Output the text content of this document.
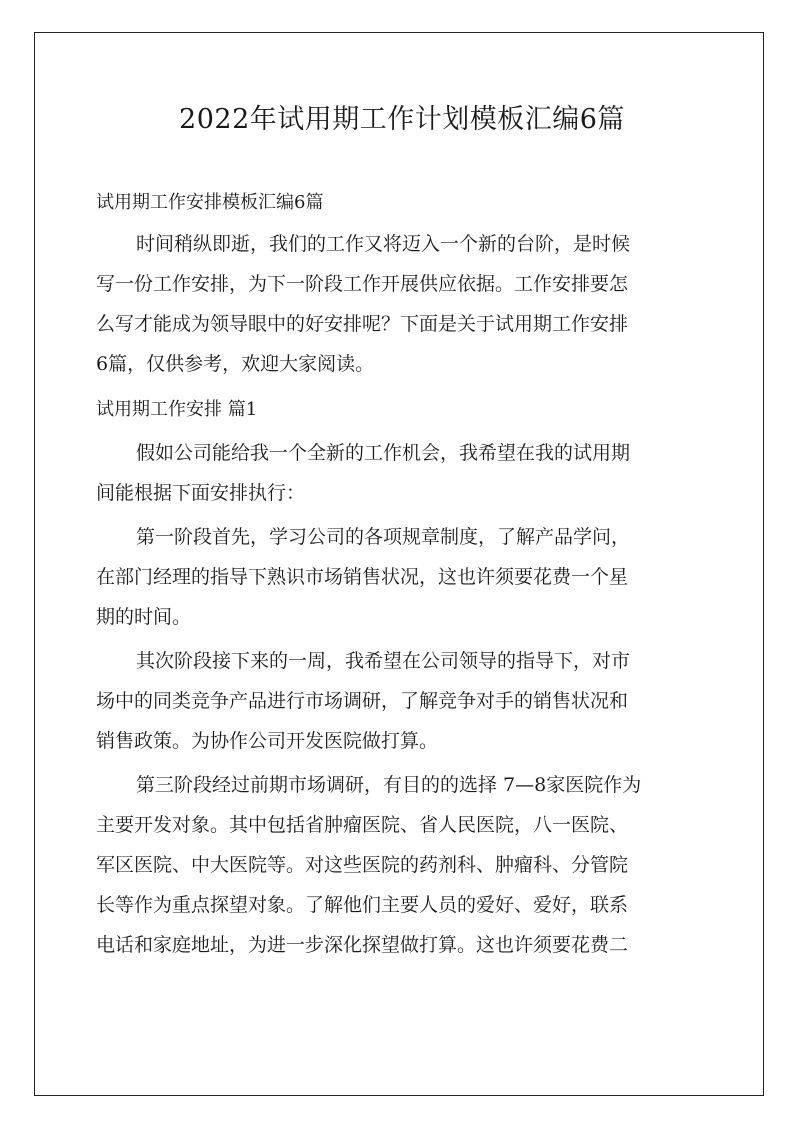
2022年试用期工作计划模板汇编6篇
试用期工作安排模板汇编6篇
时间稍纵即逝，我们的工作又将迈入一个新的台阶，是时候
写一份工作安排，为下一阶段工作开展供应依据。工作安排要怎
么写才能成为领导眼中的好安排呢？下面是关于试用期工作安排
6篇，仅供参考，欢迎大家阅读。
试用期工作安排 篇1
假如公司能给我一个全新的工作机会，我希望在我的试用期
间能根据下面安排执行：
第一阶段首先，学习公司的各项规章制度，了解产品学问，
在部门经理的指导下熟识市场销售状况，这也许须要花费一个星
期的时间。
其次阶段接下来的一周，我希望在公司领导的指导下，对市
场中的同类竞争产品进行市场调研，了解竞争对手的销售状况和
销售政策。为协作公司开发医院做打算。
第三阶段经过前期市场调研，有目的的选择 7—8家医院作为
主要开发对象。其中包括省肿瘤医院、省人民医院，八一医院、
军区医院、中大医院等。对这些医院的药剂科、肿瘤科、分管院
长等作为重点探望对象。了解他们主要人员的爱好、爱好，联系
电话和家庭地址，为进一步深化探望做打算。这也许须要花费二
